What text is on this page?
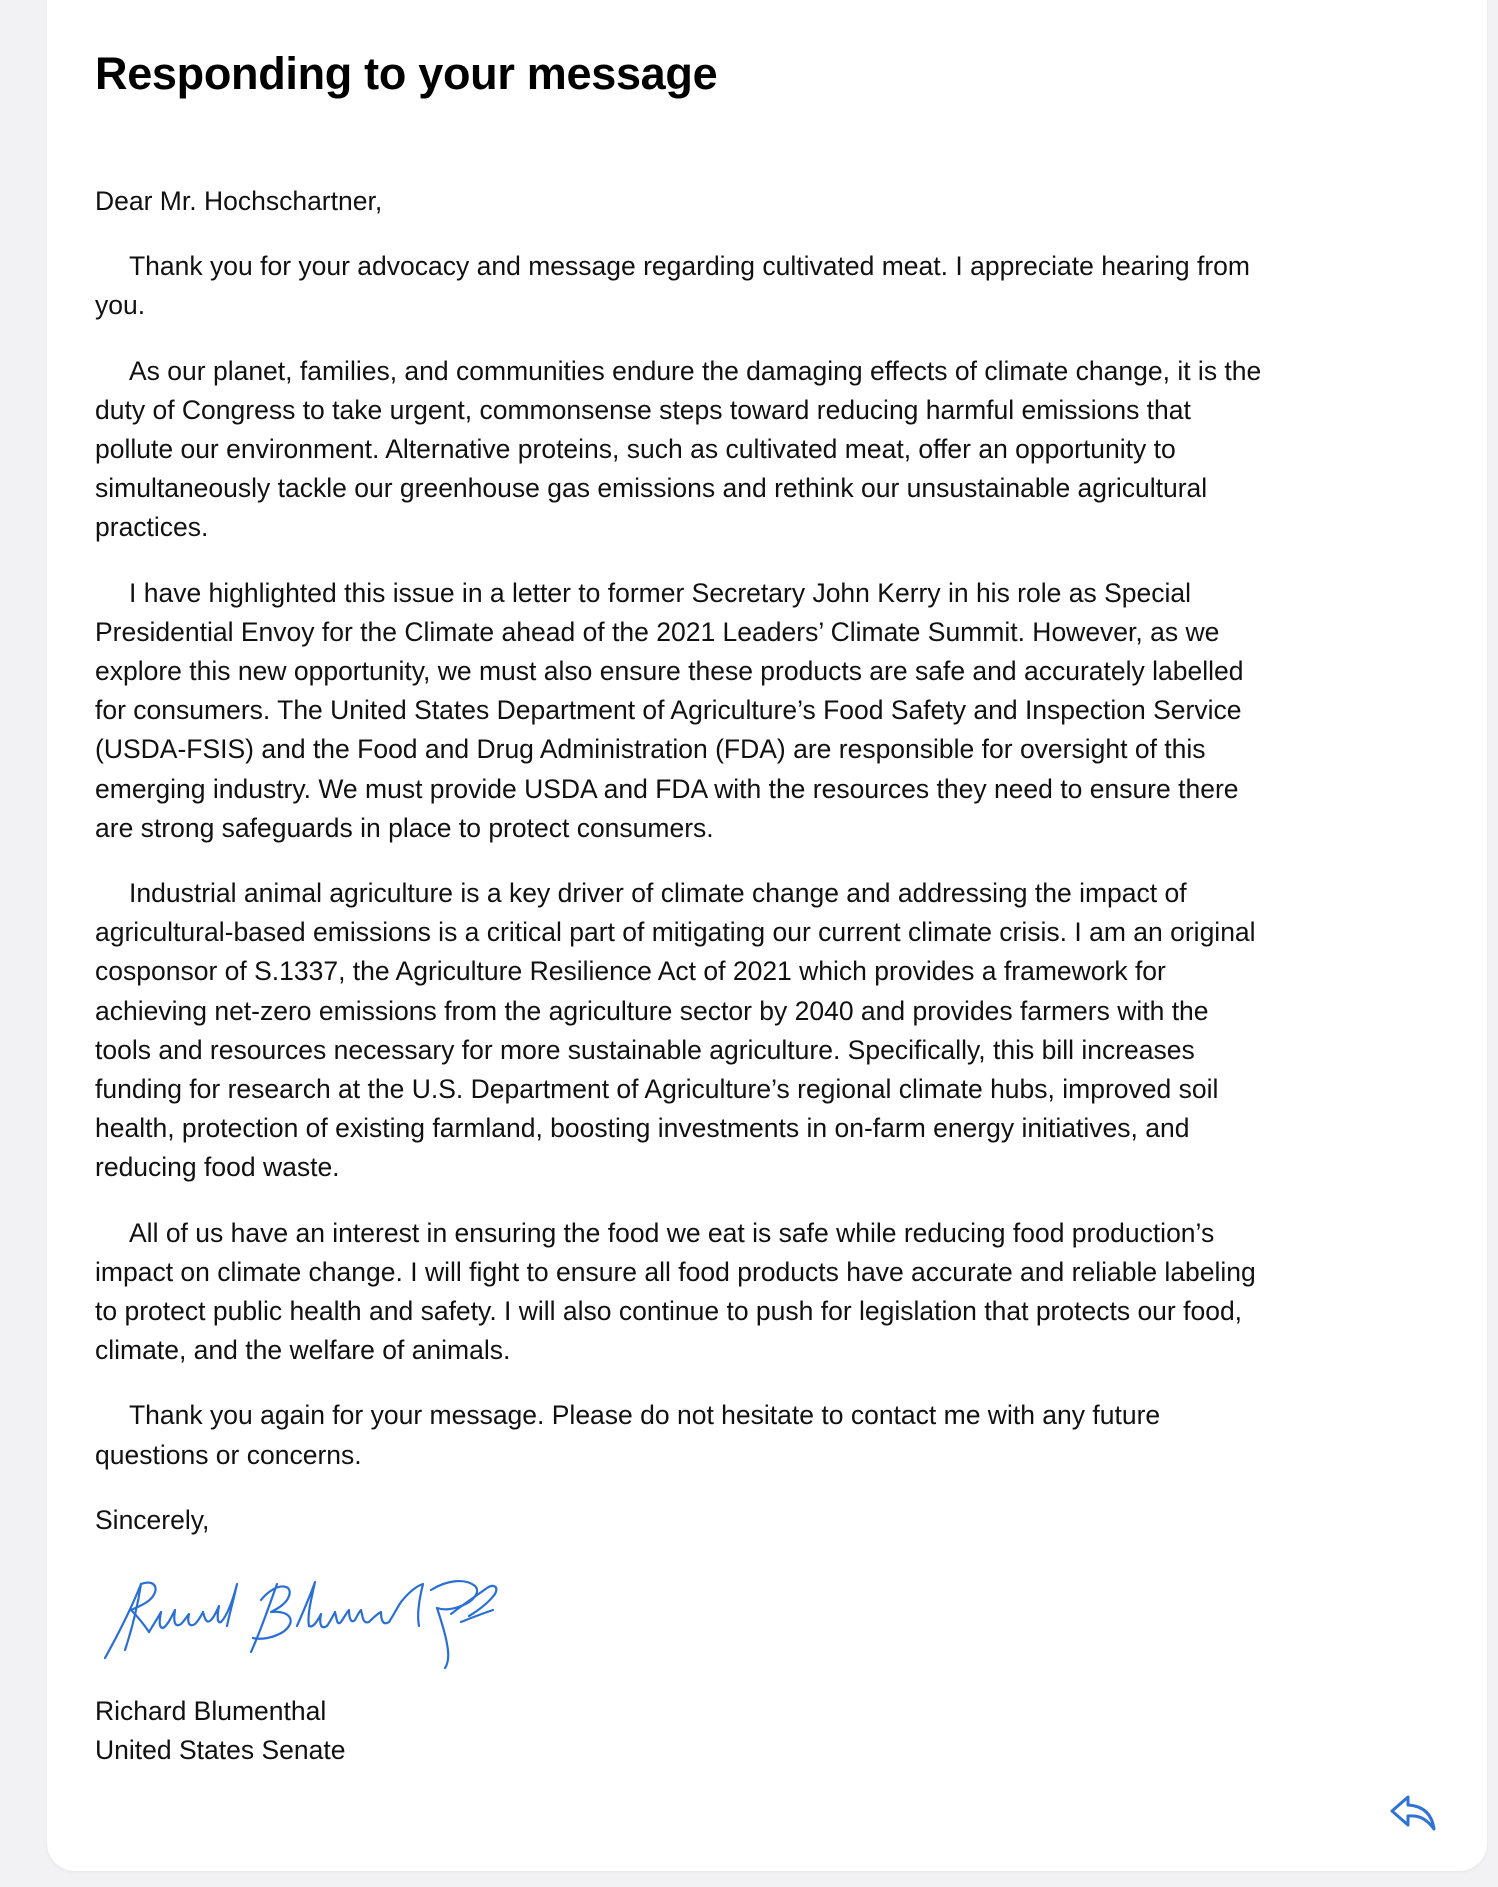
Responding to your message

Dear Mr. Hochschartner,

Thank you for your advocacy and message regarding cultivated meat. I appreciate hearing from you.

As our planet, families, and communities endure the damaging effects of climate change, it is the duty of Congress to take urgent, commonsense steps toward reducing harmful emissions that pollute our environment. Alternative proteins, such as cultivated meat, offer an opportunity to simultaneously tackle our greenhouse gas emissions and rethink our unsustainable agricultural practices.

I have highlighted this issue in a letter to former Secretary John Kerry in his role as Special Presidential Envoy for the Climate ahead of the 2021 Leaders’ Climate Summit. However, as we explore this new opportunity, we must also ensure these products are safe and accurately labelled for consumers. The United States Department of Agriculture’s Food Safety and Inspection Service (USDA-FSIS) and the Food and Drug Administration (FDA) are responsible for oversight of this emerging industry. We must provide USDA and FDA with the resources they need to ensure there are strong safeguards in place to protect consumers.

Industrial animal agriculture is a key driver of climate change and addressing the impact of agricultural-based emissions is a critical part of mitigating our current climate crisis. I am an original cosponsor of S.1337, the Agriculture Resilience Act of 2021 which provides a framework for achieving net-zero emissions from the agriculture sector by 2040 and provides farmers with the tools and resources necessary for more sustainable agriculture. Specifically, this bill increases funding for research at the U.S. Department of Agriculture’s regional climate hubs, improved soil health, protection of existing farmland, boosting investments in on-farm energy initiatives, and reducing food waste.

All of us have an interest in ensuring the food we eat is safe while reducing food production’s impact on climate change. I will fight to ensure all food products have accurate and reliable labeling to protect public health and safety. I will also continue to push for legislation that protects our food, climate, and the welfare of animals.

Thank you again for your message. Please do not hesitate to contact me with any future questions or concerns.

Sincerely,

Richard Blumenthal
United States Senate
